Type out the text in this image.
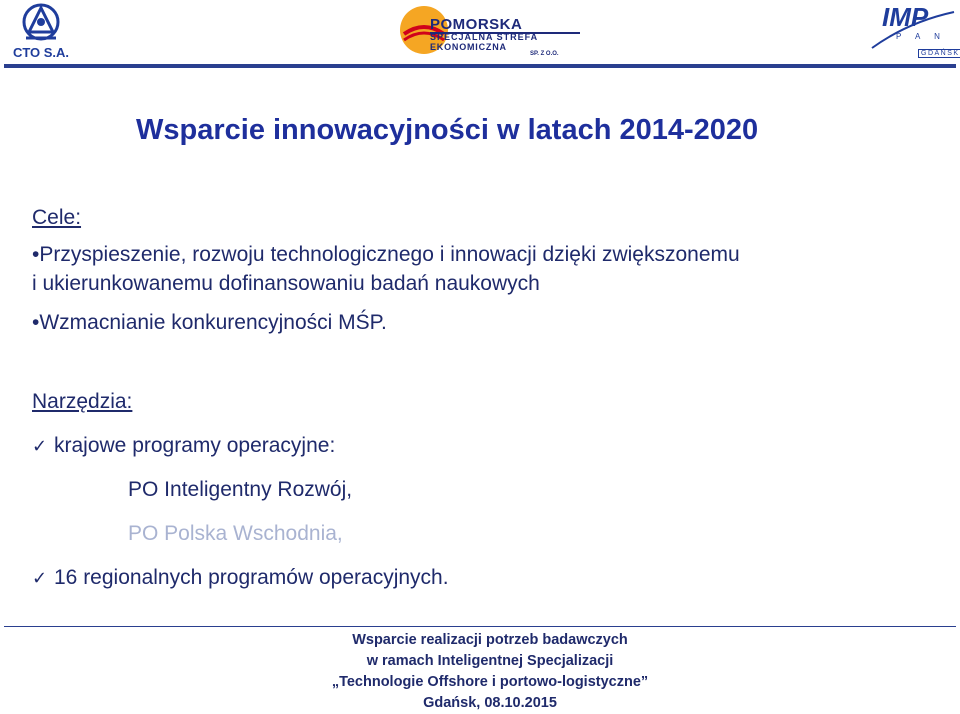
CTO S.A.
POMORSKA
SPECJALNA STREFA
EKONOMICZNA
SP. Z O.O.
IMP
P A N
GDAŃSK
Wsparcie innowacyjności w latach 2014-2020
Cele:
•Przyspieszenie, rozwoju technologicznego i innowacji dzięki zwiększonemu
i ukierunkowanemu dofinansowaniu badań naukowych
•Wzmacnianie konkurencyjności MŚP.
Narzędzia:
✓ krajowe programy operacyjne:
PO Inteligentny Rozwój,
PO Polska Wschodnia,
✓ 16 regionalnych programów operacyjnych.
Wsparcie realizacji potrzeb badawczych
w ramach Inteligentnej Specjalizacji
„Technologie Offshore i portowo-logistyczne”
Gdańsk, 08.10.2015
